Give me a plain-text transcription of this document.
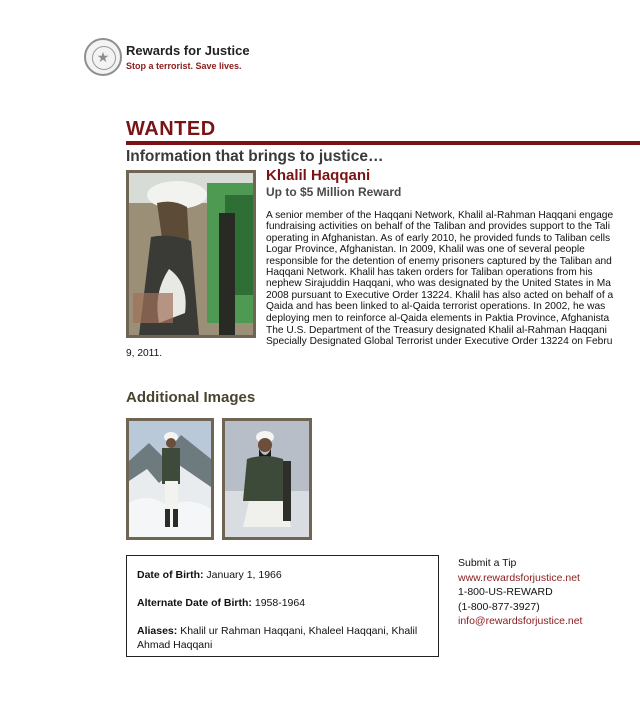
★
Rewards for Justice
Stop a terrorist. Save lives.
WANTED
Information that brings to justice…
Khalil Haqqani
Up to $5 Million Reward
A senior member of the Haqqani Network, Khalil al-Rahman Haqqani engage
fundraising activities on behalf of the Taliban and provides support to the Tali
operating in Afghanistan. As of early 2010, he provided funds to Taliban cells
Logar Province, Afghanistan. In 2009, Khalil was one of several people
responsible for the detention of enemy prisoners captured by the Taliban and
Haqqani Network. Khalil has taken orders for Taliban operations from his
nephew Sirajuddin Haqqani, who was designated by the United States in Ma
2008 pursuant to Executive Order 13224. Khalil has also acted on behalf of a
Qaida and has been linked to al-Qaida terrorist operations. In 2002, he was
deploying men to reinforce al-Qaida elements in Paktia Province, Afghanista
The U.S. Department of the Treasury designated Khalil al-Rahman Haqqani
Specially Designated Global Terrorist under Executive Order 13224 on Febru
9, 2011.
Additional Images
Date of Birth: January 1, 1966
Alternate Date of Birth: 1958-1964
Aliases: Khalil ur Rahman Haqqani, Khaleel Haqqani, Khalil
Ahmad Haqqani
Submit a Tip
www.rewardsforjustice.net
1-800-US-REWARD
(1-800-877-3927)
info@rewardsforjustice.net
